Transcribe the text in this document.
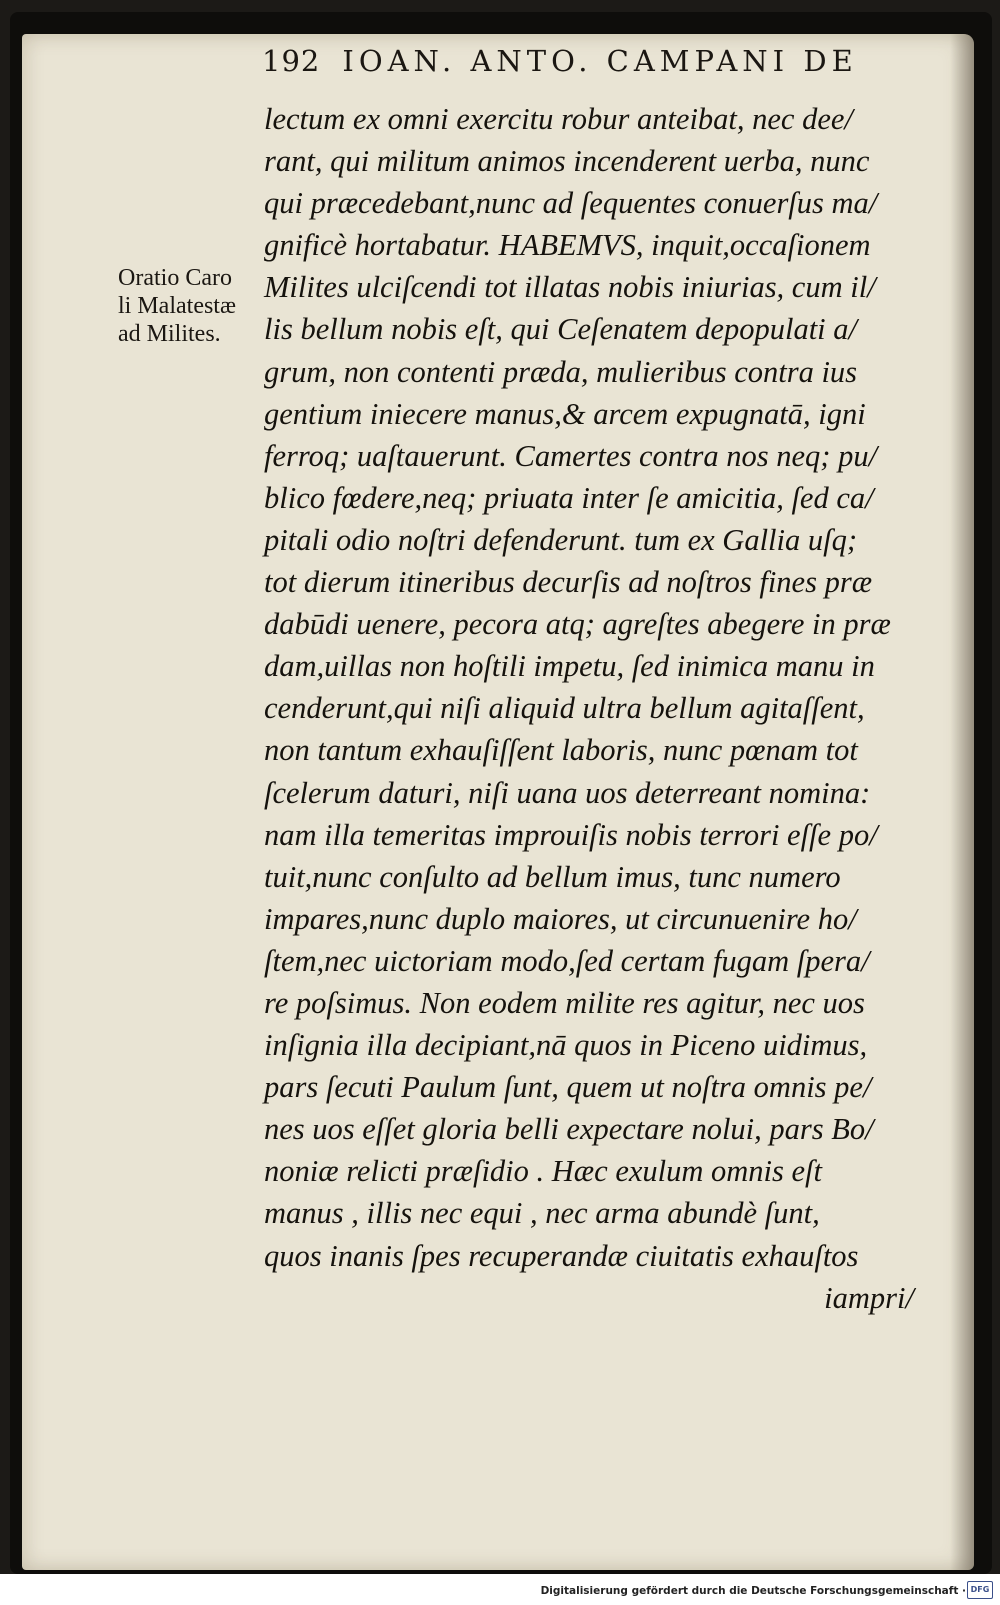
192 IOAN. ANTO. CAMPANI DE
Oratio Caro
li Malatestæ
ad Milites.
lectum ex omni exercitu robur anteibat, nec dee/
rant, qui militum animos incenderent uerba, nunc
qui præcedebant,nunc ad ſequentes conuerſus ma/
gnificè hortabatur. HABEMVS, inquit,occaſionem
Milites ulciſcendi tot illatas nobis iniurias, cum il/
lis bellum nobis eſt, qui Ceſenatem depopulati a/
grum, non contenti præda, mulieribus contra ius
gentium iniecere manus,& arcem expugnatā, igni
ferroq; uaſtauerunt. Camertes contra nos neq; pu/
blico fœdere,neq; priuata inter ſe amicitia, ſed ca/
pitali odio noſtri defenderunt. tum ex Gallia uſq;
tot dierum itineribus decurſis ad noſtros fines præ
dabūdi uenere, pecora atq; agreſtes abegere in præ
dam,uillas non hoſtili impetu, ſed inimica manu in
cenderunt,qui niſi aliquid ultra bellum agitaſſent,
non tantum exhauſiſſent laboris, nunc pœnam tot
ſcelerum daturi, niſi uana uos deterreant nomina:
nam illa temeritas improuiſis nobis terrori eſſe po/
tuit,nunc conſulto ad bellum imus, tunc numero
impares,nunc duplo maiores, ut circunuenire ho/
ſtem,nec uictoriam modo,ſed certam fugam ſpera/
re poſsimus. Non eodem milite res agitur, nec uos
inſignia illa decipiant,nā quos in Piceno uidimus,
pars ſecuti Paulum ſunt, quem ut noſtra omnis pe/
nes uos eſſet gloria belli expectare nolui, pars Bo/
noniæ relicti præſidio . Hæc exulum omnis eſt
manus , illis nec equi , nec arma abundè ſunt,
quos inanis ſpes recuperandæ ciuitatis exhauſtos
iampri/
Digitalisierung gefördert durch die Deutsche Forschungsgemeinschaft · DFG
